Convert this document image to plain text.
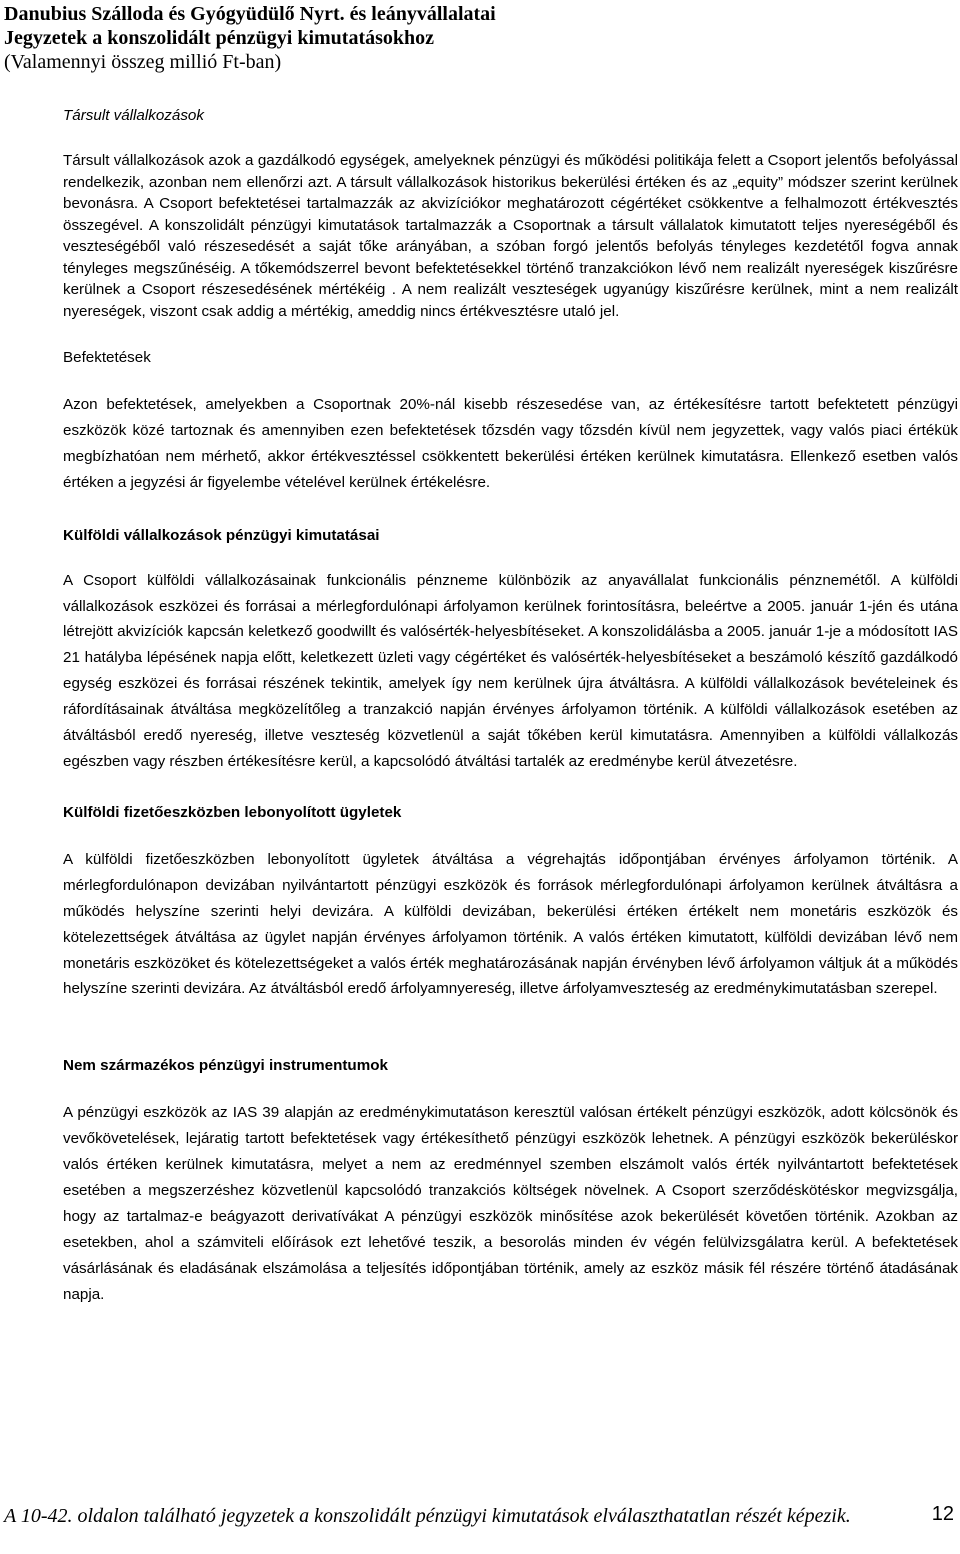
Danubius Szálloda és Gyógyüdülő Nyrt. és leányvállalatai
Jegyzetek a konszolidált pénzügyi kimutatásokhoz
(Valamennyi összeg millió Ft-ban)
Társult vállalkozások

Társult vállalkozások azok a gazdálkodó egységek, amelyeknek pénzügyi és működési politikája felett a Csoport jelentős befolyással rendelkezik, azonban nem ellenőrzi azt. A társult vállalkozások historikus bekerülési értéken és az „equity” módszer szerint kerülnek bevonásra. A Csoport befektetései tartalmazzák az akvizíciókor meghatározott cégértéket csökkentve a felhalmozott értékvesztés összegével. A konszolidált pénzügyi kimutatások tartalmazzák a Csoportnak a társult vállalatok kimutatott teljes nyereségéből és veszteségéből való részesedését a saját tőke arányában, a szóban forgó jelentős befolyás tényleges kezdetétől fogva annak tényleges megszűnéséig. A tőkemódszerrel bevont befektetésekkel történő tranzakciókon lévő nem realizált nyereségek kiszűrésre kerülnek a Csoport részesedésének mértékéig . A nem realizált veszteségek ugyanúgy kiszűrésre kerülnek, mint a nem realizált nyereségek, viszont csak addig a mértékig, ameddig nincs értékvesztésre utaló jel.

Befektetések

Azon befektetések, amelyekben a Csoportnak 20%-nál kisebb részesedése van, az értékesítésre tartott befektetett pénzügyi eszközök közé tartoznak és amennyiben ezen befektetések tőzsdén vagy tőzsdén kívül nem jegyzettek, vagy valós piaci értékük megbízhatóan nem mérhető, akkor értékvesztéssel csökkentett bekerülési értéken kerülnek kimutatásra. Ellenkező esetben valós értéken a jegyzési ár figyelembe vételével kerülnek értékelésre.

Külföldi vállalkozások pénzügyi kimutatásai

A Csoport külföldi vállalkozásainak funkcionális pénzneme különbözik az anyavállalat funkcionális pénznemétől. A külföldi vállalkozások eszközei és forrásai a mérlegfordulónapi árfolyamon kerülnek forintosításra, beleértve a 2005. január 1-jén és utána létrejött akvizíciók kapcsán keletkező goodwillt és valósérték-helyesbítéseket. A konszolidálásba a 2005. január 1-je a módosított IAS 21 hatályba lépésének napja előtt, keletkezett üzleti vagy cégértéket és valósérték-helyesbítéseket a beszámoló készítő gazdálkodó egység eszközei és forrásai részének tekintik, amelyek így nem kerülnek újra átváltásra. A külföldi vállalkozások bevételeinek és ráfordításainak átváltása megközelítőleg a tranzakció napján érvényes árfolyamon történik. A külföldi vállalkozások esetében az átváltásból eredő nyereség, illetve veszteség közvetlenül a saját tőkében kerül kimutatásra. Amennyiben a külföldi vállalkozás egészben vagy részben értékesítésre kerül, a kapcsolódó átváltási tartalék az eredménybe kerül átvezetésre.

Külföldi fizetőeszközben lebonyolított ügyletek

A külföldi fizetőeszközben lebonyolított ügyletek átváltása a végrehajtás időpontjában érvényes árfolyamon történik. A mérlegfordulónapon devizában nyilvántartott pénzügyi eszközök és források mérlegfordulónapi árfolyamon kerülnek átváltásra a működés helyszíne szerinti helyi devizára. A külföldi devizában, bekerülési értéken értékelt nem monetáris eszközök és kötelezettségek átváltása az ügylet napján érvényes árfolyamon történik. A valós értéken kimutatott, külföldi devizában lévő nem monetáris eszközöket és kötelezettségeket a valós érték meghatározásának napján érvényben lévő árfolyamon váltjuk át a működés helyszíne szerinti devizára. Az átváltásból eredő árfolyamnyereség, illetve árfolyamveszteség az eredménykimutatásban szerepel.

Nem származékos pénzügyi instrumentumok

A pénzügyi eszközök az IAS 39 alapján az eredménykimutatáson keresztül valósan értékelt pénzügyi eszközök, adott kölcsönök és vevőkövetelések, lejáratig tartott befektetések vagy értékesíthető pénzügyi eszközök lehetnek. A pénzügyi eszközök bekerüléskor valós értéken kerülnek kimutatásra, melyet a nem az eredménnyel szemben elszámolt valós érték nyilvántartott befektetések esetében a megszerzéshez közvetlenül kapcsolódó tranzakciós költségek növelnek. A Csoport szerződéskötéskor megvizsgálja, hogy az tartalmaz-e beágyazott derivatívákat A pénzügyi eszközök minősítése azok bekerülését követően történik. Azokban az esetekben, ahol a számviteli előírások ezt lehetővé teszik, a besorolás minden év végén felülvizsgálatra kerül. A befektetések vásárlásának és eladásának elszámolása a teljesítés időpontjában történik, amely az eszköz másik fél részére történő átadásának napja.

A 10-42. oldalon található jegyzetek a konszolidált pénzügyi kimutatások elválaszthatatlan részét képezik.	12
